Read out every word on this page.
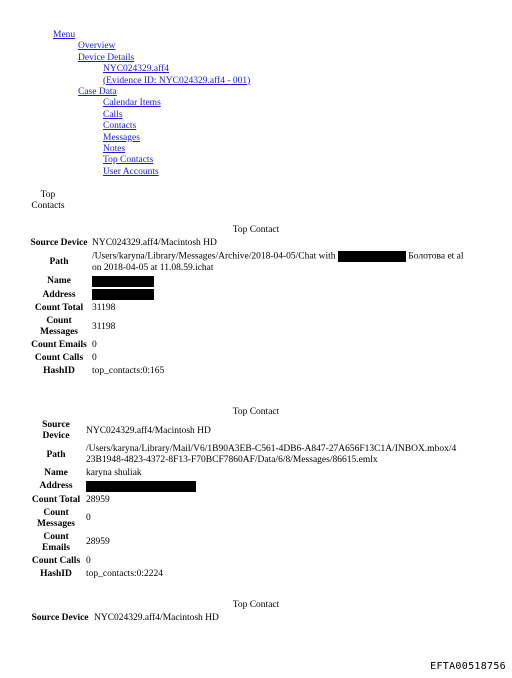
Menu
Overview
Device Details
NYC024329.aff4
(Evidence ID: NYC024329.aff4 - 001)
Case Data
Calendar Items
Calls
Contacts
Messages
Notes
Top Contacts
User Accounts
Top Contacts
Top Contact
Source Device	NYC024329.aff4/Macintosh HD
Path	/Users/karyna/Library/Messages/Archive/2018-04-05/Chat with Болотова et al
on 2018-04-05 at 11.08.59.ichat
Name	
Address	
Count Total	31198
Count Messages	31198
Count Emails	0
Count Calls	0
HashID	top_contacts:0:165
Top Contact
Source Device	NYC024329.aff4/Macintosh HD
Path	/Users/karyna/Library/Mail/V6/1B90A3EB-C561-4DB6-A847-27A656F13C1A/INBOX.mbox/4
23B1948-4823-4372-8F13-F70BCF7860AF/Data/6/8/Messages/86615.emlx
Name	karyna shuliak
Address	
Count Total	28959
Count Messages	0
Count Emails	28959
Count Calls	0
HashID	top_contacts:0:2224
Top Contact
Source Device	NYC024329.aff4/Macintosh HD
EFTA00518756
